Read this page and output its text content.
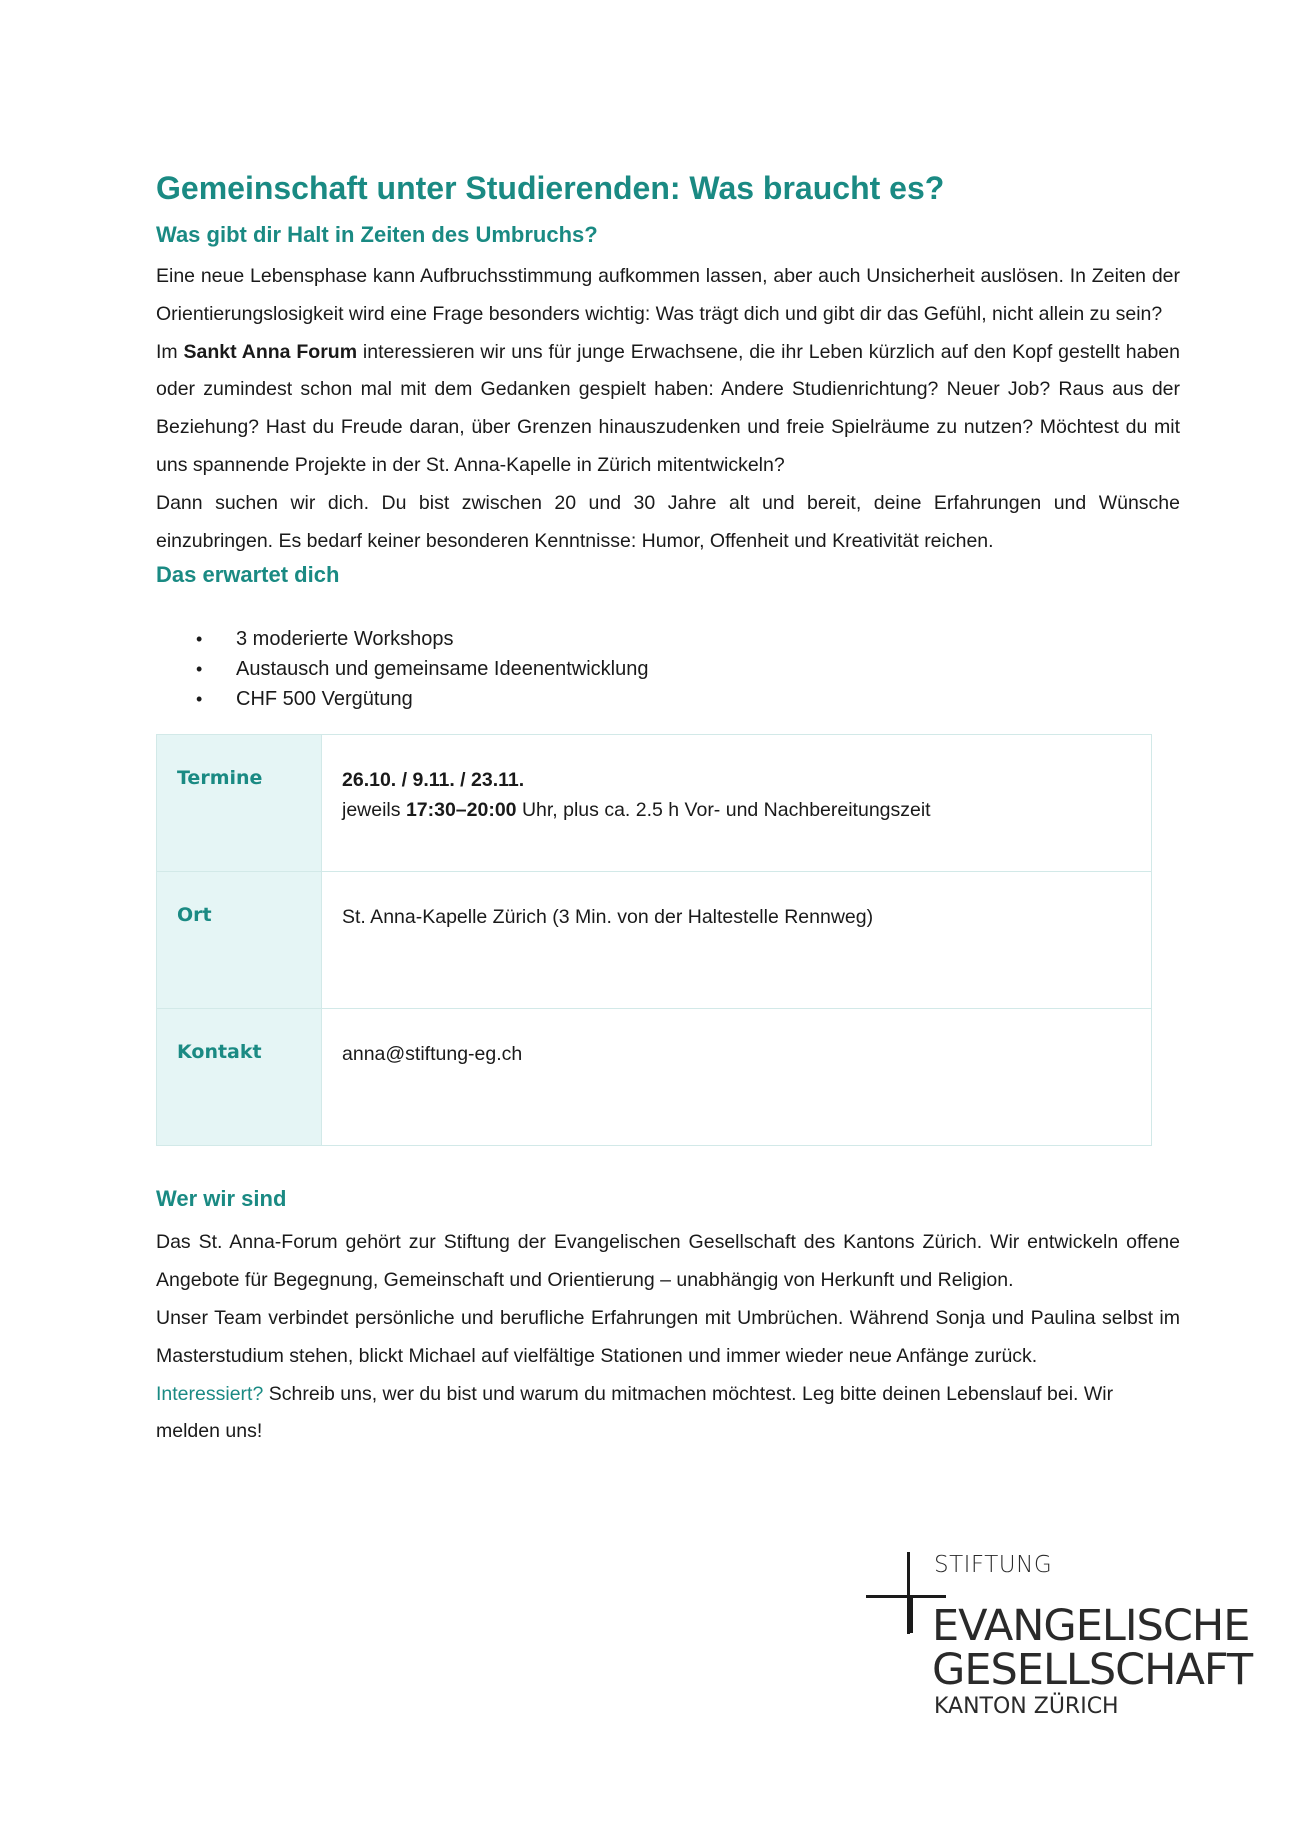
Gemeinschaft unter Studierenden: Was braucht es?
Was gibt dir Halt in Zeiten des Umbruchs?

Eine neue Lebensphase kann Aufbruchsstimmung aufkommen lassen, aber auch Unsicherheit auslösen. In Zeiten der Orientierungslosigkeit wird eine Frage besonders wichtig: Was trägt dich und gibt dir das Gefühl, nicht allein zu sein?

Im Sankt Anna Forum interessieren wir uns für junge Erwachsene, die ihr Leben kürzlich auf den Kopf gestellt haben oder zumindest schon mal mit dem Gedanken gespielt haben: Andere Studienrichtung? Neuer Job? Raus aus der Beziehung? Hast du Freude daran, über Grenzen hinauszudenken und freie Spielräume zu nutzen? Möchtest du mit uns spannende Projekte in der St. Anna-Kapelle in Zürich mitentwickeln?

Dann suchen wir dich. Du bist zwischen 20 und 30 Jahre alt und bereit, deine Erfahrungen und Wünsche einzubringen. Es bedarf keiner besonderen Kenntnisse: Humor, Offenheit und Kreativität reichen.

Das erwartet dich
• 3 moderierte Workshops
• Austausch und gemeinsame Ideenentwicklung
• CHF 500 Vergütung
Termine	26.10. / 9.11. / 23.11.
jeweils 17:30–20:00 Uhr, plus ca. 2.5 h Vor- und Nachbereitungszeit
Ort	St. Anna-Kapelle Zürich (3 Min. von der Haltestelle Rennweg)
Kontakt	anna@stiftung-eg.ch
Wer wir sind

Das St. Anna-Forum gehört zur Stiftung der Evangelischen Gesellschaft des Kantons Zürich. Wir entwickeln offene Angebote für Begegnung, Gemeinschaft und Orientierung – unabhängig von Herkunft und Religion.

Unser Team verbindet persönliche und berufliche Erfahrungen mit Umbrüchen. Während Sonja und Paulina selbst im Masterstudium stehen, blickt Michael auf vielfältige Stationen und immer wieder neue Anfänge zurück.

Interessiert? Schreib uns, wer du bist und warum du mitmachen möchtest. Leg bitte deinen Lebenslauf bei. Wir melden uns!

STIFTUNG
EVANGELISCHE
GESELLSCHAFT
KANTON ZÜRICH
